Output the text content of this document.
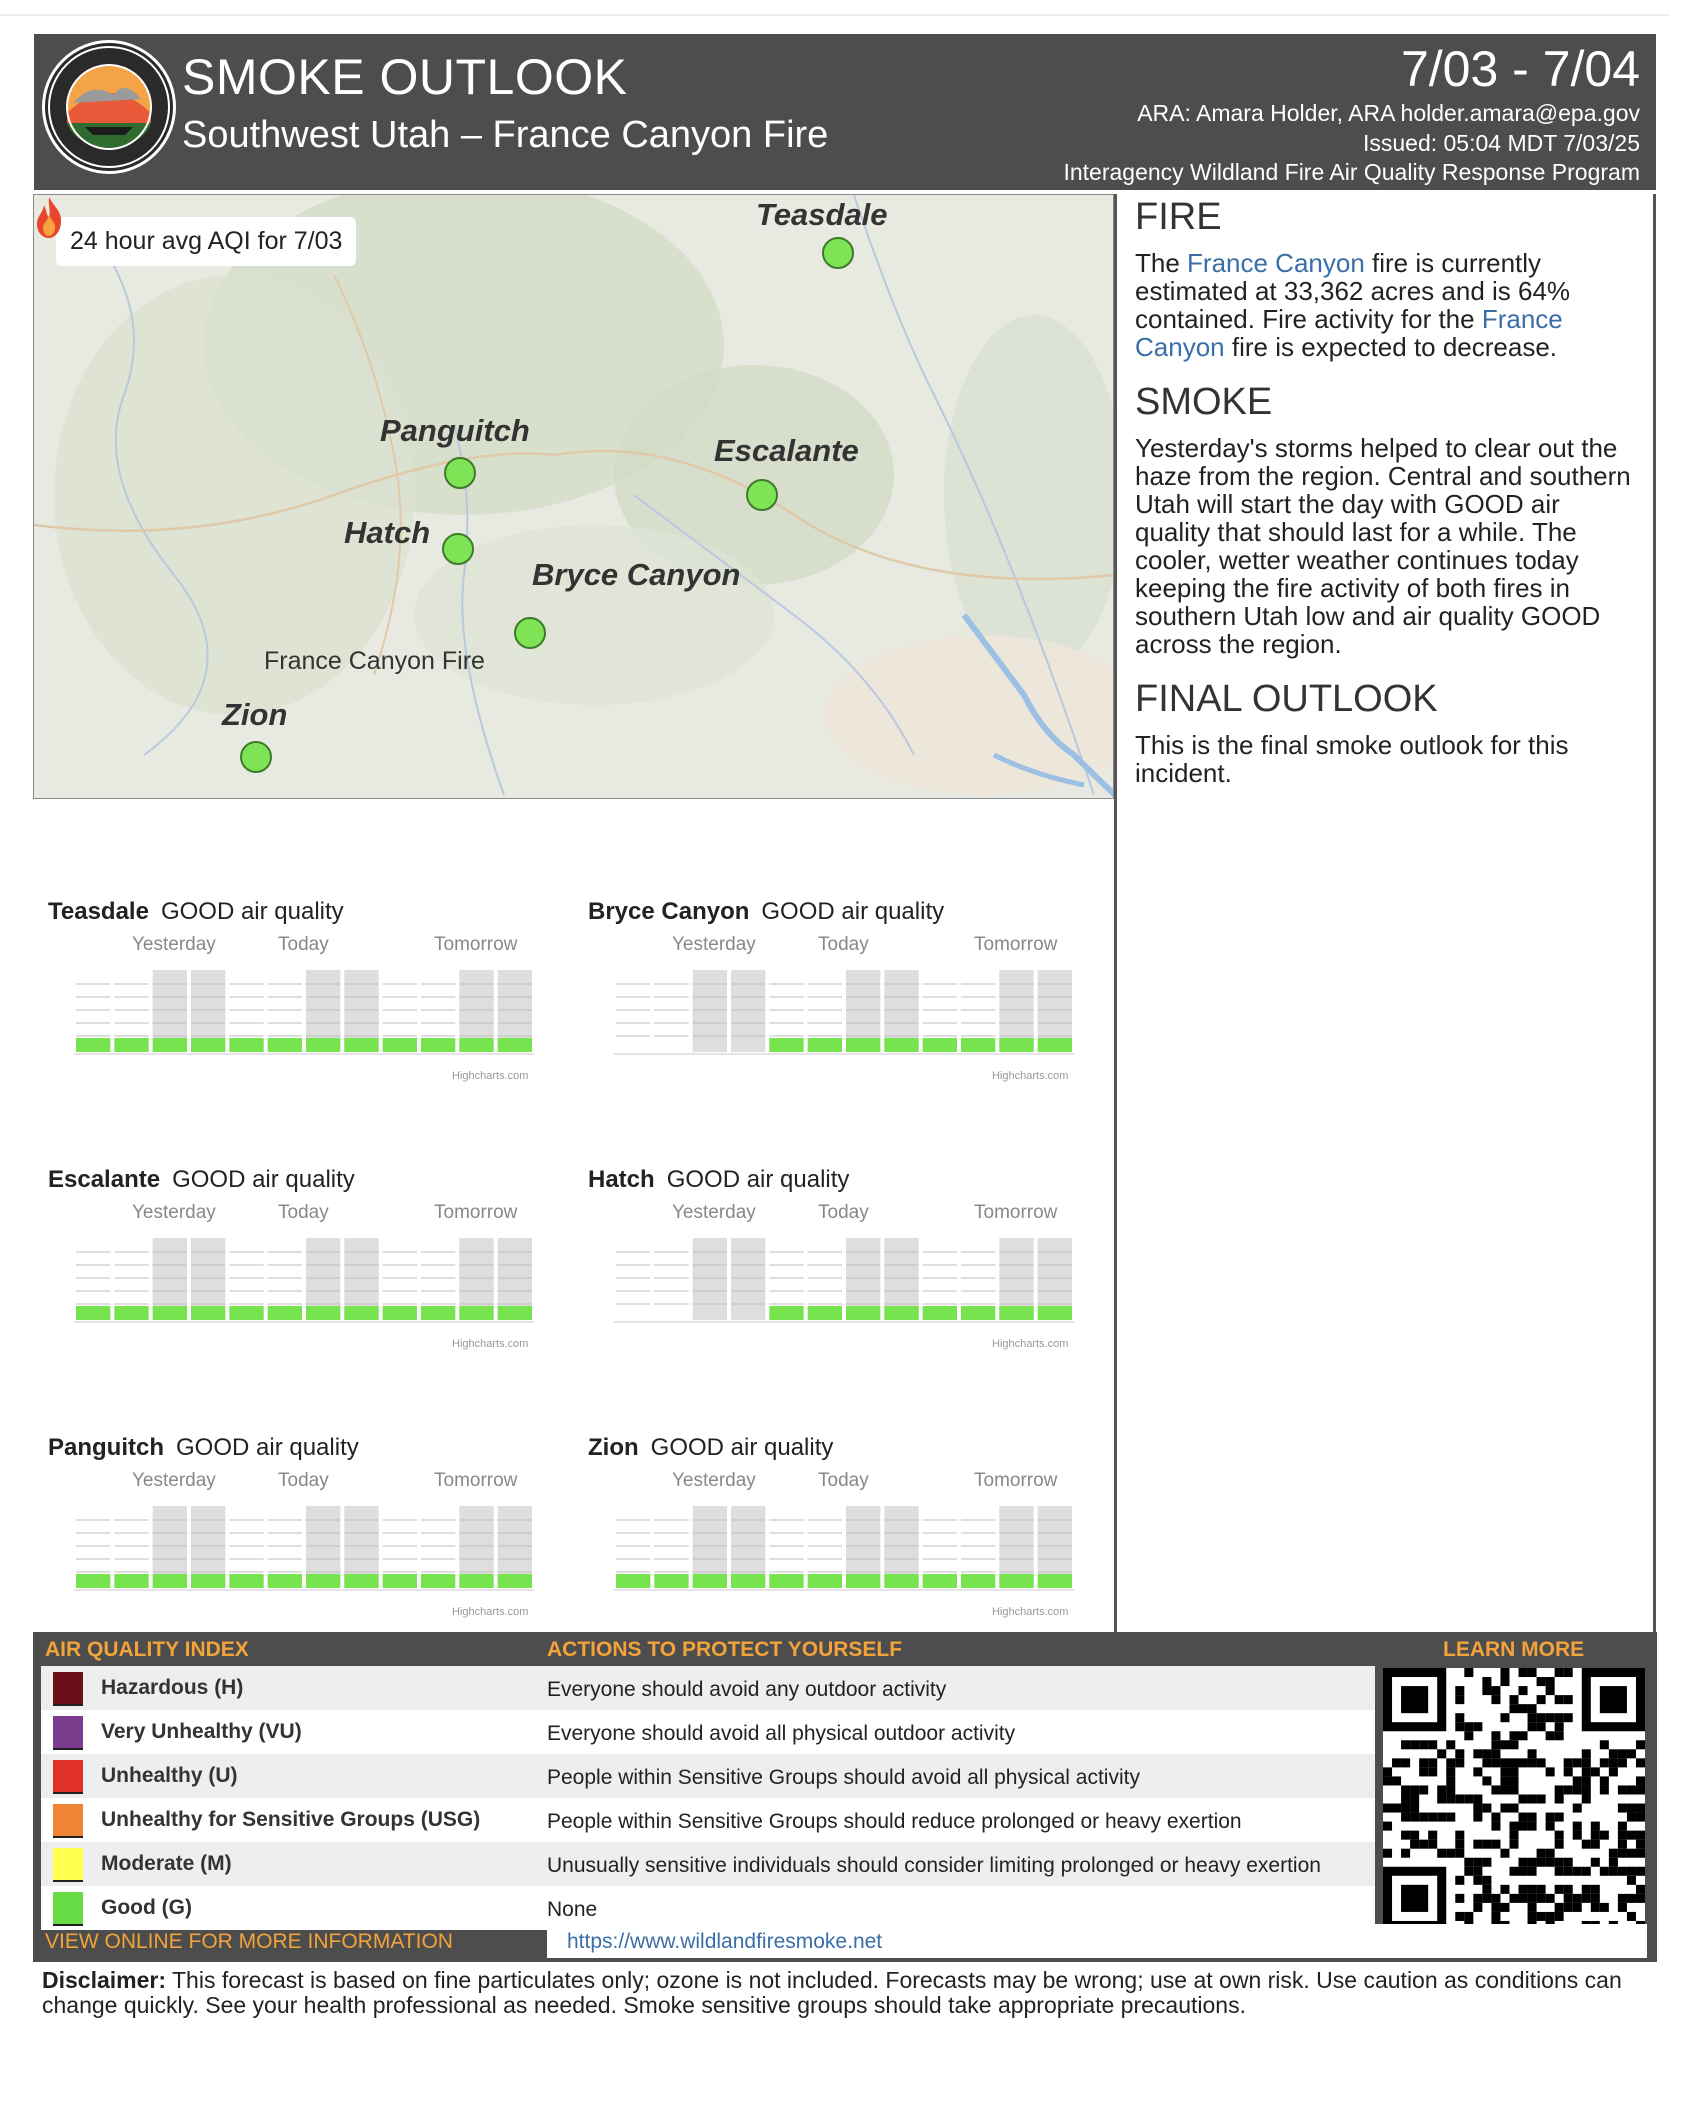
SMOKE OUTLOOK
Southwest Utah – France Canyon Fire
7/03 - 7/04
ARA: Amara Holder, ARA holder.amara@epa.gov
Issued: 05:04 MDT 7/03/25
Interagency Wildland Fire Air Quality Response Program
24 hour avg AQI for 7/03
Teasdale
Panguitch
Escalante
Hatch
Bryce Canyon
Zion
France Canyon Fire
FIRE

The France Canyon fire is currently estimated at 33,362 acres and is 64% contained. Fire activity for the France Canyon fire is expected to decrease.

SMOKE

Yesterday's storms helped to clear out the haze from the region. Central and southern Utah will start the day with GOOD air quality that should last for a while. The cooler, wetter weather continues today keeping the fire activity of both fires in southern Utah low and air quality GOOD across the region.

FINAL OUTLOOK

This is the final smoke outlook for this incident.

Teasdale GOOD air quality
Yesterday	Today	Tomorrow
Highcharts.com
Bryce Canyon GOOD air quality
Yesterday	Today	Tomorrow
Highcharts.com
Escalante GOOD air quality
Yesterday	Today	Tomorrow
Highcharts.com
Hatch GOOD air quality
Yesterday	Today	Tomorrow
Highcharts.com
Panguitch GOOD air quality
Yesterday	Today	Tomorrow
Highcharts.com
Zion GOOD air quality
Yesterday	Today	Tomorrow
Highcharts.com
AIR QUALITY INDEX	ACTIONS TO PROTECT YOURSELF	LEARN MORE
Hazardous (H)	Everyone should avoid any outdoor activity
Very Unhealthy (VU)	Everyone should avoid all physical outdoor activity
Unhealthy (U)	People within Sensitive Groups should avoid all physical activity
Unhealthy for Sensitive Groups (USG)	People within Sensitive Groups should reduce prolonged or heavy exertion
Moderate (M)	Unusually sensitive individuals should consider limiting prolonged or heavy exertion
Good (G)	None
VIEW ONLINE FOR MORE INFORMATION	https://www.wildlandfiresmoke.net
Disclaimer: This forecast is based on fine particulates only; ozone is not included. Forecasts may be wrong; use at own risk. Use caution as conditions can change quickly. See your health professional as needed. Smoke sensitive groups should take appropriate precautions.
